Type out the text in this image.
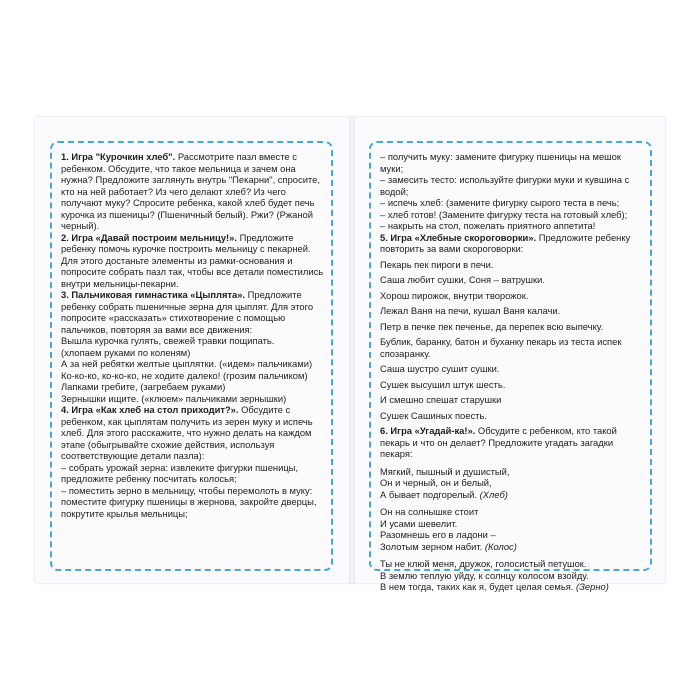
1. Игра "Курочкин хлеб". Рассмотрите пазл вместе с ребенком. Обсудите, что такое мельница и зачем она нужна? Предложите заглянуть внутрь "Пекарни", спросите, кто на ней работает? Из чего делают хлеб? Из чего получают муку? Спросите ребенка, какой хлеб будет печь курочка из пшеницы? (Пшеничный белый). Ржи? (Ржаной черный).

2. Игра «Давай построим мельницу!». Предложите ребенку помочь курочке построить мельницу с пекарней. Для этого достаньте элементы из рамки-основания и попросите собрать пазл так, чтобы все детали поместились внутри мельницы-пекарни.

3. Пальчиковая гимнастика «Цыплята». Предложите ребенку собрать пшеничные зерна для цыплят. Для этого попросите «рассказать» стихотворение с помощью пальчиков, повторяя за вами все движения:

Вышла курочка гулять, свежей травки пощипать.

(хлопаем руками по коленям)

А за ней ребятки желтые цыплятки. («идем» пальчиками)

Ко-ко-ко, ко-ко-ко, не ходите далеко! (грозим пальчиком)

Лапками гребите, (загребаем руками)

Зернышки ищите. («клюем» пальчиками зернышки)

4. Игра «Как хлеб на стол приходит?». Обсудите с ребенком, как цыплятам получить из зерен муку и испечь хлеб. Для этого расскажите, что нужно делать на каждом этапе (обыгрывайте схожие действия, используя соответствующие детали пазла):

– собрать урожай зерна: извлеките фигурки пшеницы, предложите ребенку посчитать колосья;

– поместить зерно в мельницу, чтобы перемолоть в муку: поместите фигурку пшеницы в жернова, закройте дверцы, покрутите крылья мельницы;

– получить муку: замените фигурку пшеницы на мешок муки;

– замесить тесто: используйте фигурки муки и кувшина с водой;

– испечь хлеб: (замените фигурку сырого теста в печь;

– хлеб готов! (Замените фигурку теста на готовый хлеб);

– накрыть на стол, пожелать приятного аппетита!

5. Игра «Хлебные скороговорки». Предложите ребенку повторить за вами скороговорки:

Пекарь пек пироги в печи.

Саша любит сушки, Соня – ватрушки.

Хорош пирожок, внутри творожок.

Лежал Ваня на печи, кушал Ваня калачи.

Петр в печке пек печенье, да перепек всю выпечку.

Бублик, баранку, батон и буханку пекарь из теста испек спозаранку.

Саша шустро сушит сушки.

Сушек высушил штук шесть.

И смешно спешат старушки

Сушек Сашиных поесть.

6. Игра «Угадай-ка!». Обсудите с ребенком, кто такой пекарь и что он делает? Предложите угадать загадки пекаря:

Мягкий, пышный и душистый,

Он и черный, он и белый,

А бывает подгорелый. (Хлеб)

Он на солнышке стоит

И усами шевелит.

Разомнешь его в ладони –

Золотым зерном набит. (Колос)

Ты не клюй меня, дружок, голосистый петушок.

В землю теплую уйду, к солнцу колосом взойду.

В нем тогда, таких как я, будет целая семья. (Зерно)
